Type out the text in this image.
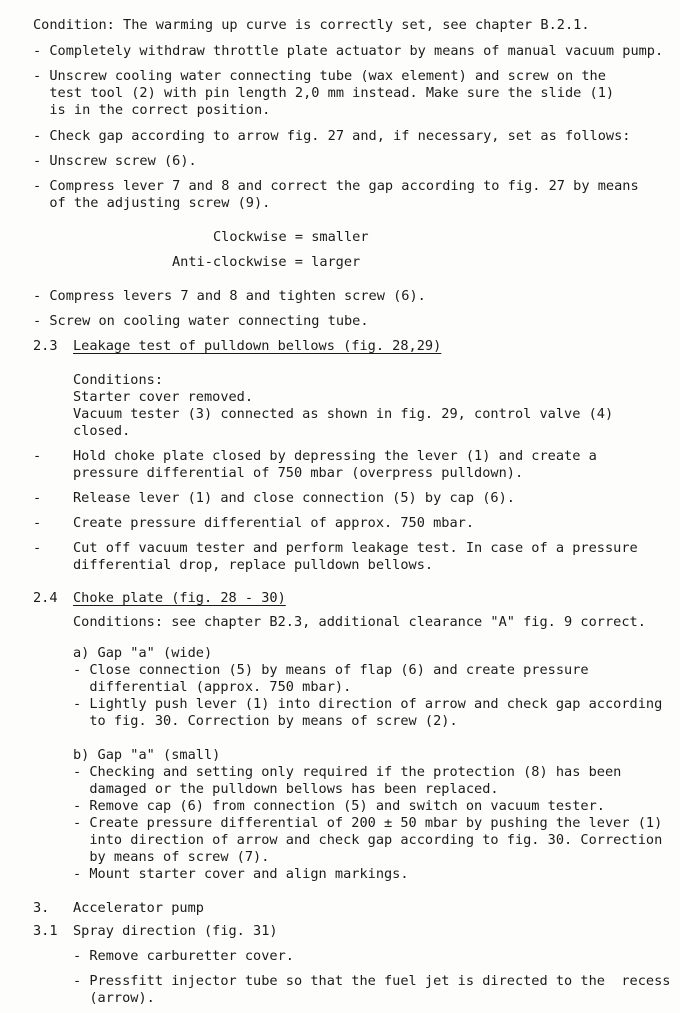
Condition: The warming up curve is correctly set, see chapter B.2.1.
- Completely withdraw throttle plate actuator by means of manual vacuum pump.
- Unscrew cooling water connecting tube (wax element) and screw on the
test tool (2) with pin length 2,0 mm instead. Make sure the slide (1)
is in the correct position.
- Check gap according to arrow fig. 27 and, if necessary, set as follows:
- Unscrew screw (6).
- Compress lever 7 and 8 and correct the gap according to fig. 27 by means
of the adjusting screw (9).
Clockwise = smaller
Anti-clockwise = larger
- Compress levers 7 and 8 and tighten screw (6).
- Screw on cooling water connecting tube.
2.3 Leakage test of pulldown bellows (fig. 28,29)
Conditions:
Starter cover removed.
Vacuum tester (3) connected as shown in fig. 29, control valve (4)
closed.
- Hold choke plate closed by depressing the lever (1) and create a
pressure differential of 750 mbar (overpress pulldown).
- Release lever (1) and close connection (5) by cap (6).
- Create pressure differential of approx. 750 mbar.
- Cut off vacuum tester and perform leakage test. In case of a pressure
differential drop, replace pulldown bellows.
2.4 Choke plate (fig. 28 - 30)
Conditions: see chapter B2.3, additional clearance "A" fig. 9 correct.
a) Gap "a" (wide)
- Close connection (5) by means of flap (6) and create pressure
differential (approx. 750 mbar).
- Lightly push lever (1) into direction of arrow and check gap according
to fig. 30. Correction by means of screw (2).
b) Gap "a" (small)
- Checking and setting only required if the protection (8) has been
damaged or the pulldown bellows has been replaced.
- Remove cap (6) from connection (5) and switch on vacuum tester.
- Create pressure differential of 200 ± 50 mbar by pushing the lever (1)
into direction of arrow and check gap according to fig. 30. Correction
by means of screw (7).
- Mount starter cover and align markings.
3. Accelerator pump
3.1 Spray direction (fig. 31)
- Remove carburetter cover.
- Pressfitt injector tube so that the fuel jet is directed to the  recess
(arrow).
